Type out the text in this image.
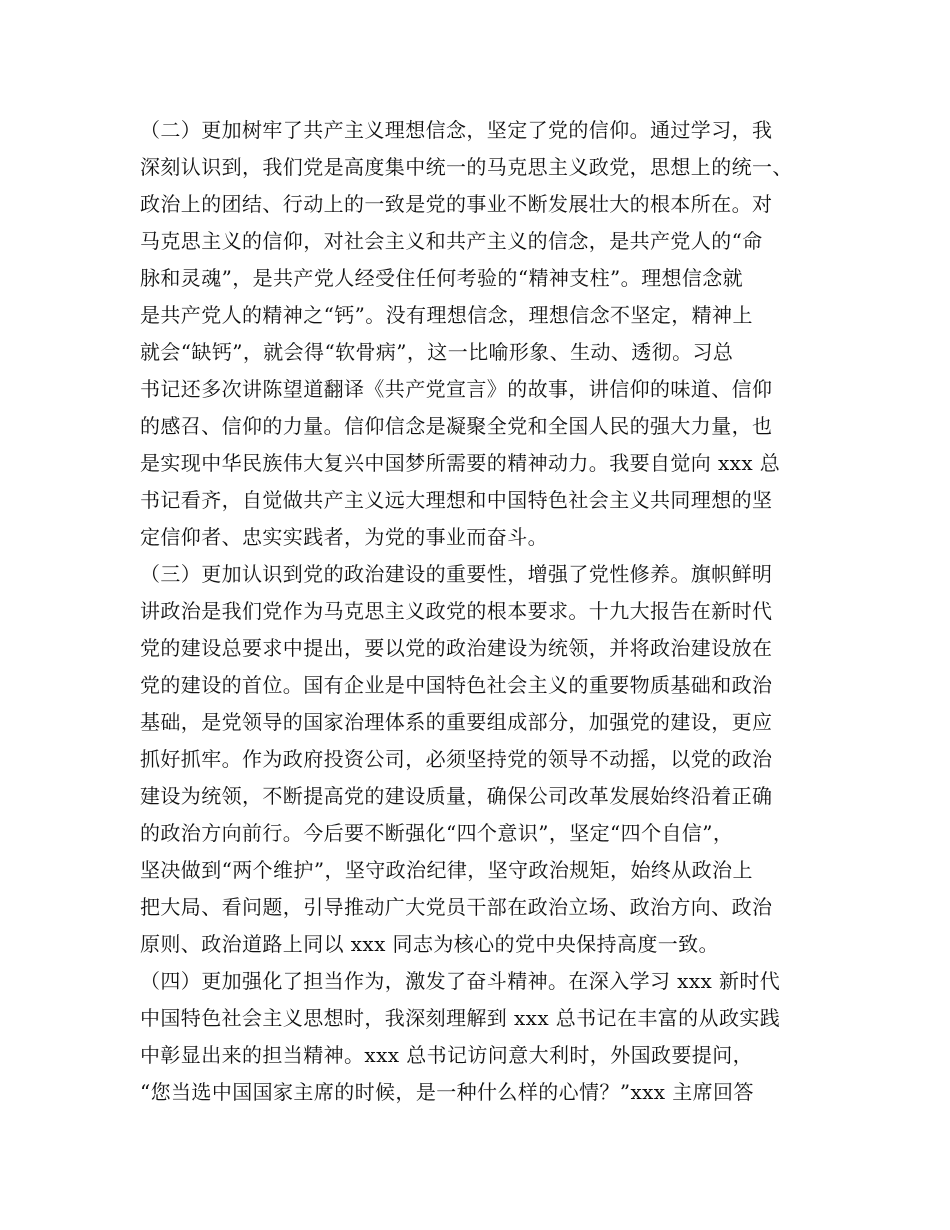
（二）更加树牢了共产主义理想信念，坚定了党的信仰。通过学习，我
深刻认识到，我们党是高度集中统一的马克思主义政党，思想上的统一、
政治上的团结、行动上的一致是党的事业不断发展壮大的根本所在。对
马克思主义的信仰，对社会主义和共产主义的信念，是共产党人的“命
脉和灵魂”，是共产党人经受住任何考验的“精神支柱”。理想信念就
是共产党人的精神之“钙”。没有理想信念，理想信念不坚定，精神上
就会“缺钙”，就会得“软骨病”，这一比喻形象、生动、透彻。习总
书记还多次讲陈望道翻译《共产党宣言》的故事，讲信仰的味道、信仰
的感召、信仰的力量。信仰信念是凝聚全党和全国人民的强大力量，也
是实现中华民族伟大复兴中国梦所需要的精神动力。我要自觉向 xxx 总
书记看齐，自觉做共产主义远大理想和中国特色社会主义共同理想的坚
定信仰者、忠实实践者，为党的事业而奋斗。
（三）更加认识到党的政治建设的重要性，增强了党性修养。旗帜鲜明
讲政治是我们党作为马克思主义政党的根本要求。十九大报告在新时代
党的建设总要求中提出，要以党的政治建设为统领，并将政治建设放在
党的建设的首位。国有企业是中国特色社会主义的重要物质基础和政治
基础，是党领导的国家治理体系的重要组成部分，加强党的建设，更应
抓好抓牢。作为政府投资公司，必须坚持党的领导不动摇，以党的政治
建设为统领，不断提高党的建设质量，确保公司改革发展始终沿着正确
的政治方向前行。今后要不断强化“四个意识”，坚定“四个自信”，
坚决做到“两个维护”，坚守政治纪律，坚守政治规矩，始终从政治上
把大局、看问题，引导推动广大党员干部在政治立场、政治方向、政治
原则、政治道路上同以 xxx 同志为核心的党中央保持高度一致。
（四）更加强化了担当作为，激发了奋斗精神。在深入学习 xxx 新时代
中国特色社会主义思想时，我深刻理解到 xxx 总书记在丰富的从政实践
中彰显出来的担当精神。xxx 总书记访问意大利时，外国政要提问，
“您当选中国国家主席的时候，是一种什么样的心情？”xxx 主席回答
